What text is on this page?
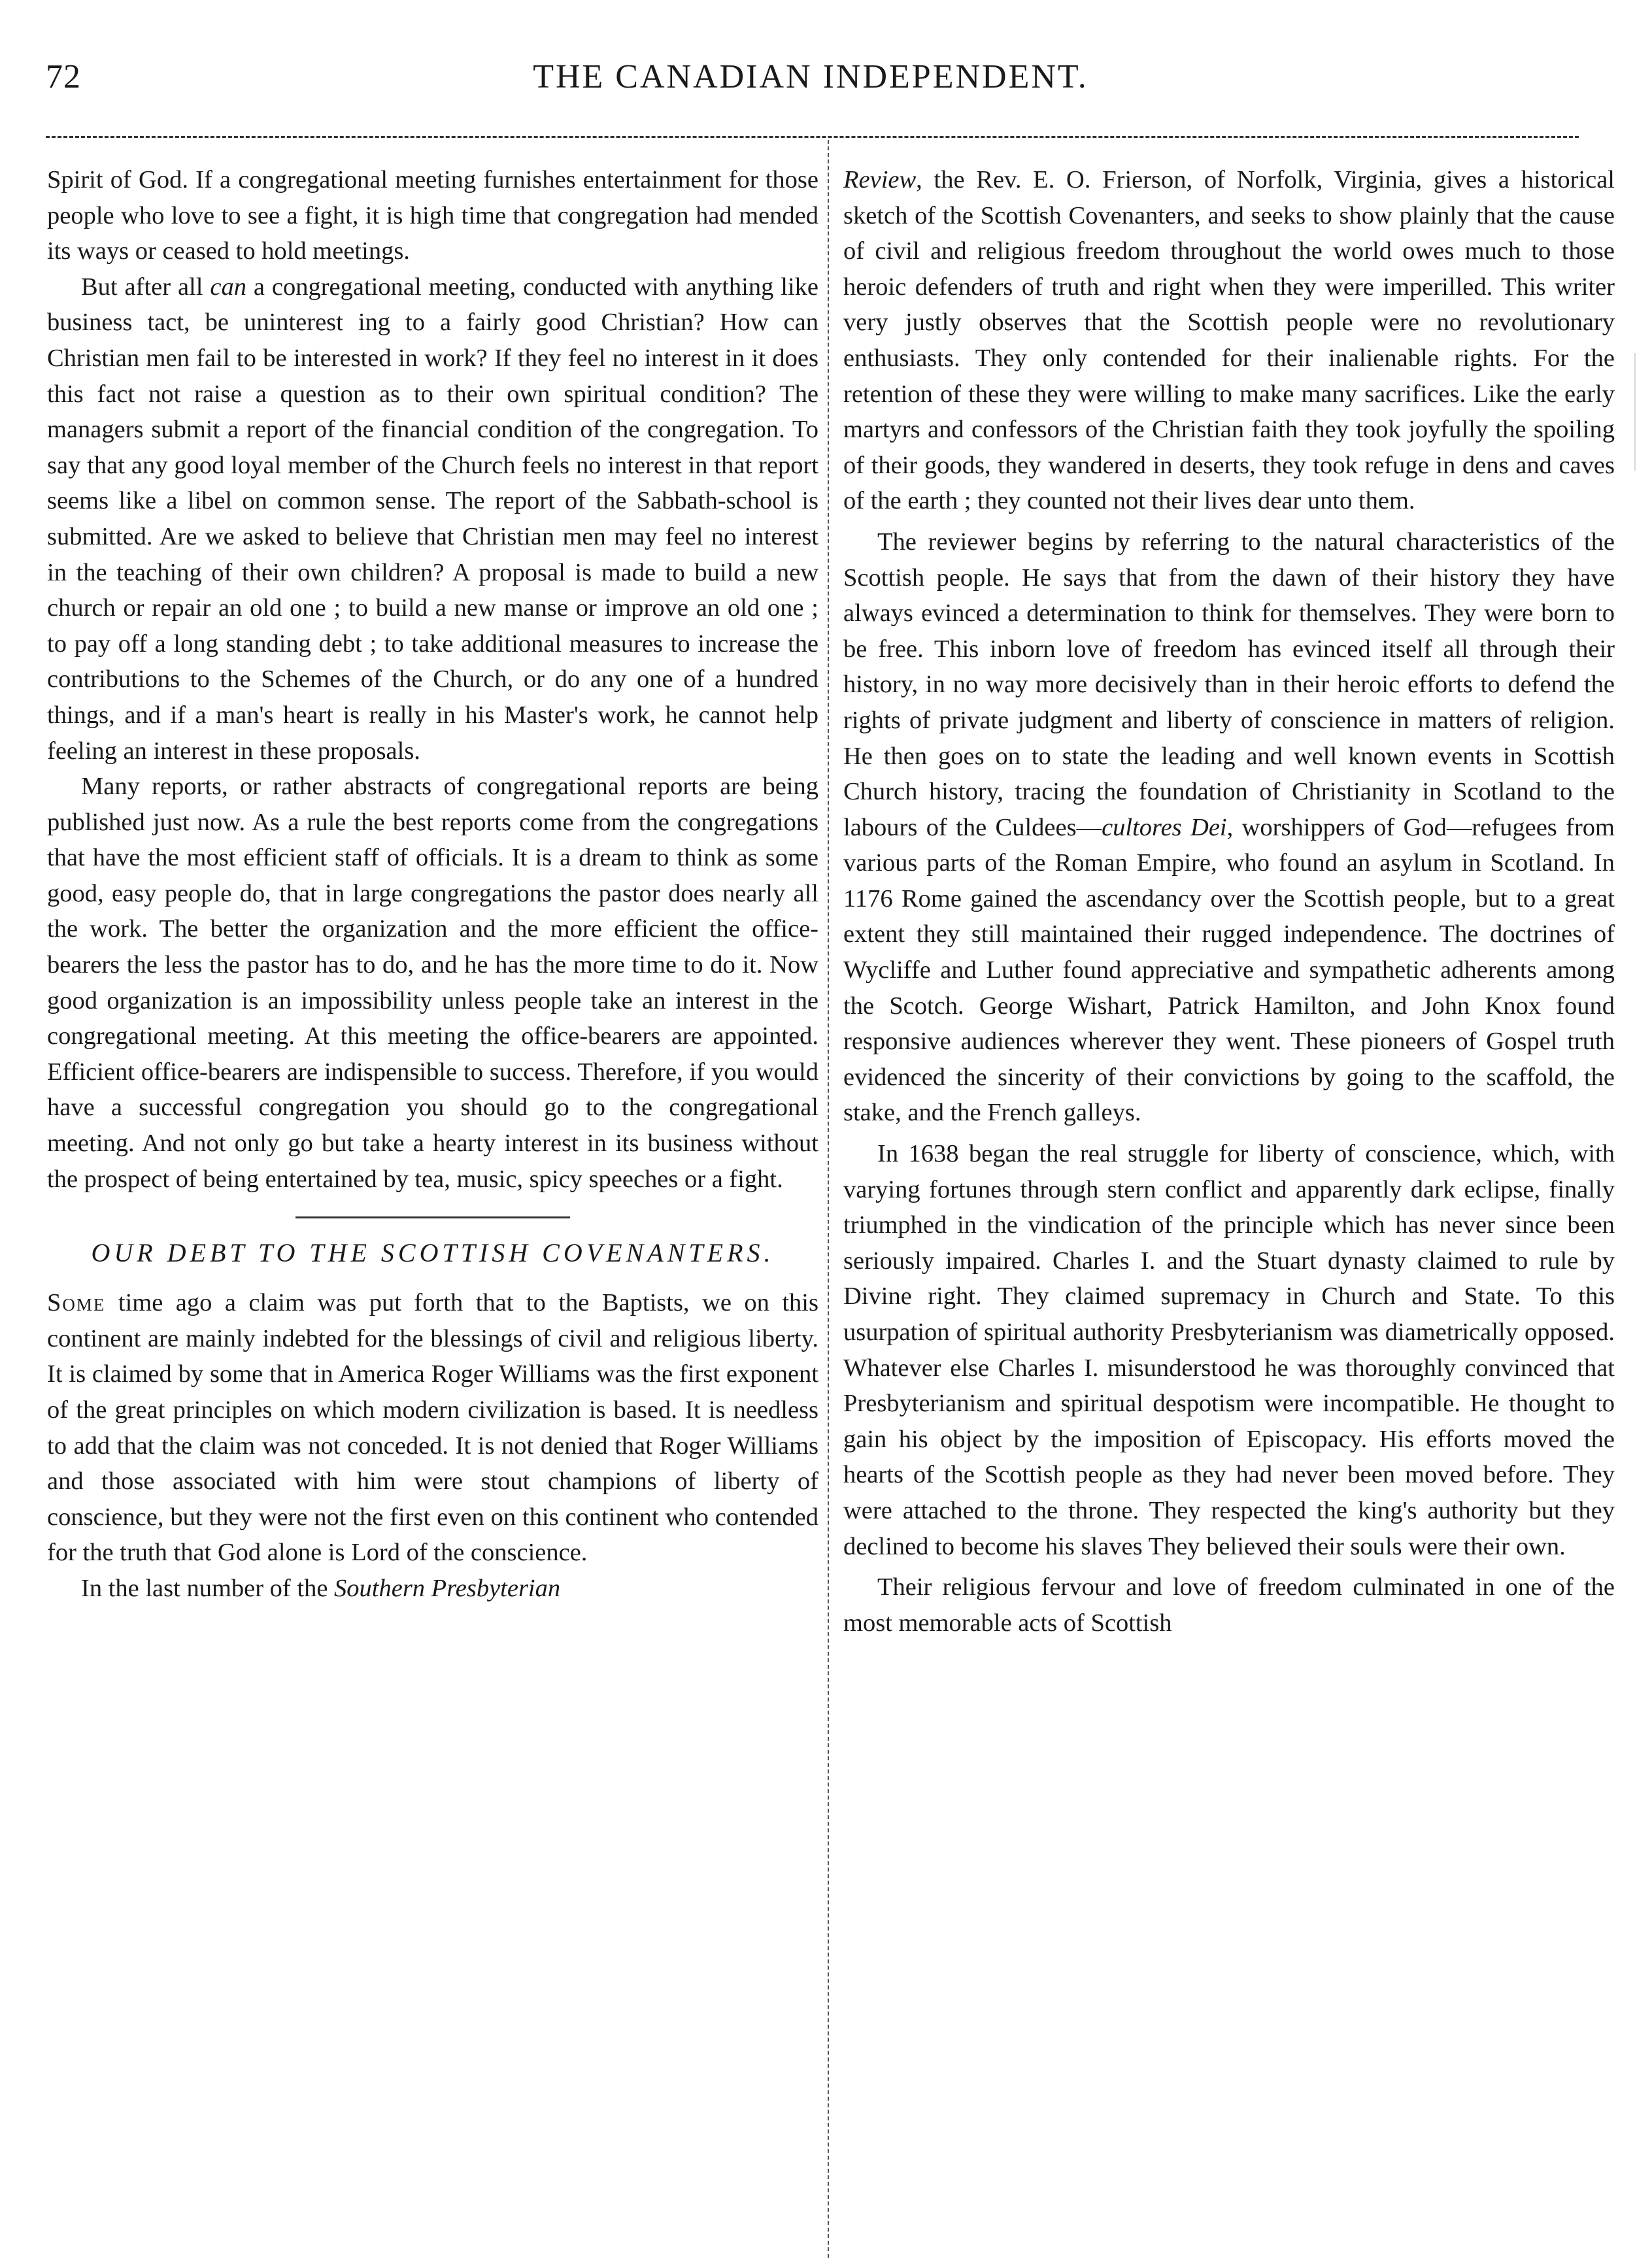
72	THE CANADIAN INDEPENDENT.

Spirit of God. If a congregational meeting furnishes entertainment for those people who love to see a fight, it is high time that congregation had mended its ways or ceased to hold meetings.

But after all can a congregational meeting, conducted with anything like business tact, be uninterest ing to a fairly good Christian? How can Christian men fail to be interested in work? If they feel no interest in it does this fact not raise a question as to their own spiritual condition? The managers submit a report of the financial condition of the congregation. To say that any good loyal member of the Church feels no interest in that report seems like a libel on common sense. The report of the Sabbath-school is submitted. Are we asked to believe that Christian men may feel no interest in the teaching of their own children? A proposal is made to build a new church or repair an old one ; to build a new manse or improve an old one ; to pay off a long standing debt ; to take additional measures to increase the contributions to the Schemes of the Church, or do any one of a hundred things, and if a man's heart is really in his Master's work, he cannot help feeling an interest in these proposals.

Many reports, or rather abstracts of congregational reports are being published just now. As a rule the best reports come from the congregations that have the most efficient staff of officials. It is a dream to think as some good, easy people do, that in large congregations the pastor does nearly all the work. The better the organization and the more efficient the office-bearers the less the pastor has to do, and he has the more time to do it. Now good organization is an impossibility unless people take an interest in the congregational meeting. At this meeting the office-bearers are appointed. Efficient office-bearers are indispensible to success. Therefore, if you would have a successful congregation you should go to the congregational meeting. And not only go but take a hearty interest in its business without the prospect of being entertained by tea, music, spicy speeches or a fight.

OUR DEBT TO THE SCOTTISH COVENANTERS.

Some time ago a claim was put forth that to the Baptists, we on this continent are mainly indebted for the blessings of civil and religious liberty. It is claimed by some that in America Roger Williams was the first exponent of the great principles on which modern civilization is based. It is needless to add that the claim was not conceded. It is not denied that Roger Williams and those associated with him were stout champions of liberty of conscience, but they were not the first even on this continent who contended for the truth that God alone is Lord of the conscience.

In the last number of the Southern Presbyterian

Review, the Rev. E. O. Frierson, of Norfolk, Virginia, gives a historical sketch of the Scottish Covenanters, and seeks to show plainly that the cause of civil and religious freedom throughout the world owes much to those heroic defenders of truth and right when they were imperilled. This writer very justly observes that the Scottish people were no revolutionary enthusiasts. They only contended for their inalienable rights. For the retention of these they were willing to make many sacrifices. Like the early martyrs and confessors of the Christian faith they took joyfully the spoiling of their goods, they wandered in deserts, they took refuge in dens and caves of the earth ; they counted not their lives dear unto them.

The reviewer begins by referring to the natural characteristics of the Scottish people. He says that from the dawn of their history they have always evinced a determination to think for themselves. They were born to be free. This inborn love of freedom has evinced itself all through their history, in no way more decisively than in their heroic efforts to defend the rights of private judgment and liberty of conscience in matters of religion. He then goes on to state the leading and well known events in Scottish Church history, tracing the foundation of Christianity in Scotland to the labours of the Culdees—cultores Dei, worshippers of God—refugees from various parts of the Roman Empire, who found an asylum in Scotland. In 1176 Rome gained the ascendancy over the Scottish people, but to a great extent they still maintained their rugged independence. The doctrines of Wycliffe and Luther found appreciative and sympathetic adherents among the Scotch. George Wishart, Patrick Hamilton, and John Knox found responsive audiences wherever they went. These pioneers of Gospel truth evidenced the sincerity of their convictions by going to the scaffold, the stake, and the French galleys.

In 1638 began the real struggle for liberty of conscience, which, with varying fortunes through stern conflict and apparently dark eclipse, finally triumphed in the vindication of the principle which has never since been seriously impaired. Charles I. and the Stuart dynasty claimed to rule by Divine right. They claimed supremacy in Church and State. To this usurpation of spiritual authority Presbyterianism was diametrically opposed. Whatever else Charles I. misunderstood he was thoroughly convinced that Presbyterianism and spiritual despotism were incompatible. He thought to gain his object by the imposition of Episcopacy. His efforts moved the hearts of the Scottish people as they had never been moved before. They were attached to the throne. They respected the king's authority but they declined to become his slaves They believed their souls were their own.

Their religious fervour and love of freedom culminated in one of the most memorable acts of Scottish
